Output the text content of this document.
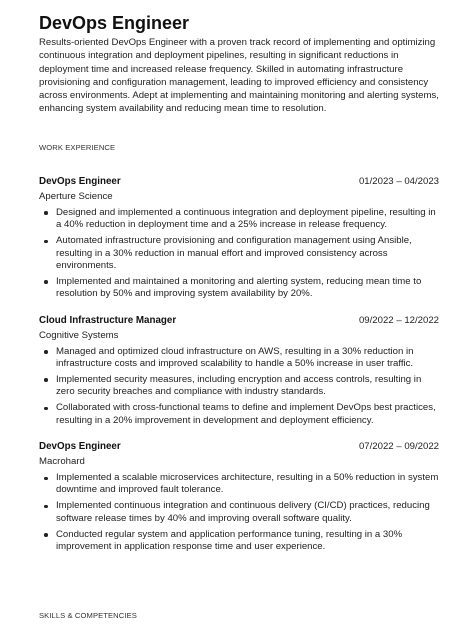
DevOps Engineer

Results-oriented DevOps Engineer with a proven track record of implementing and optimizing continuous integration and deployment pipelines, resulting in significant reductions in deployment time and increased release frequency. Skilled in automating infrastructure provisioning and configuration management, leading to improved efficiency and consistency across environments. Adept at implementing and maintaining monitoring and alerting systems, enhancing system availability and reducing mean time to resolution.

WORK EXPERIENCE
DevOps Engineer	01/2023 – 04/2023
Aperture Science
Designed and implemented a continuous integration and deployment pipeline, resulting in a 40% reduction in deployment time and a 25% increase in release frequency.
Automated infrastructure provisioning and configuration management using Ansible, resulting in a 30% reduction in manual effort and improved consistency across environments.
Implemented and maintained a monitoring and alerting system, reducing mean time to resolution by 50% and improving system availability by 20%.
Cloud Infrastructure Manager	09/2022 – 12/2022
Cognitive Systems
Managed and optimized cloud infrastructure on AWS, resulting in a 30% reduction in infrastructure costs and improved scalability to handle a 50% increase in user traffic.
Implemented security measures, including encryption and access controls, resulting in zero security breaches and compliance with industry standards.
Collaborated with cross-functional teams to define and implement DevOps best practices, resulting in a 20% improvement in development and deployment efficiency.
DevOps Engineer	07/2022 – 09/2022
Macrohard
Implemented a scalable microservices architecture, resulting in a 50% reduction in system downtime and improved fault tolerance.
Implemented continuous integration and continuous delivery (CI/CD) practices, reducing software release times by 40% and improving overall software quality.
Conducted regular system and application performance tuning, resulting in a 30% improvement in application response time and user experience.
SKILLS & COMPETENCIES
